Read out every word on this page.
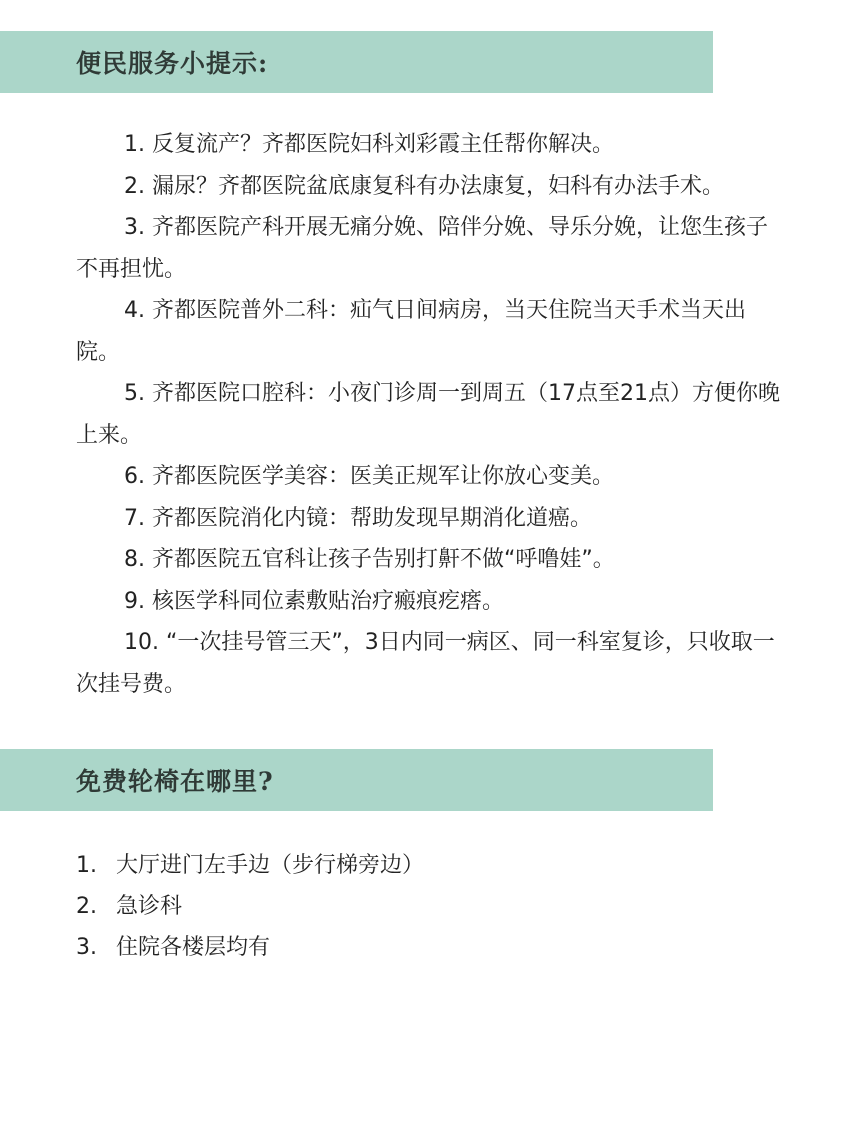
便民服务小提示:
1. 反复流产？齐都医院妇科刘彩霞主任帮你解决。
2. 漏尿？齐都医院盆底康复科有办法康复，妇科有办法手术。
3. 齐都医院产科开展无痛分娩、陪伴分娩、导乐分娩，让您生孩子不再担忧。
4. 齐都医院普外二科：疝气日间病房，当天住院当天手术当天出院。
5. 齐都医院口腔科：小夜门诊周一到周五（17点至21点）方便你晚上来。
6. 齐都医院医学美容：医美正规军让你放心变美。
7. 齐都医院消化内镜：帮助发现早期消化道癌。
8. 齐都医院五官科让孩子告别打鼾不做“呼噜娃”。
9. 核医学科同位素敷贴治疗瘢痕疙瘩。
10. “一次挂号管三天”，3日内同一病区、同一科室复诊，只收取一次挂号费。
免费轮椅在哪里?
1. 大厅进门左手边（步行梯旁边）
2. 急诊科
3. 住院各楼层均有
